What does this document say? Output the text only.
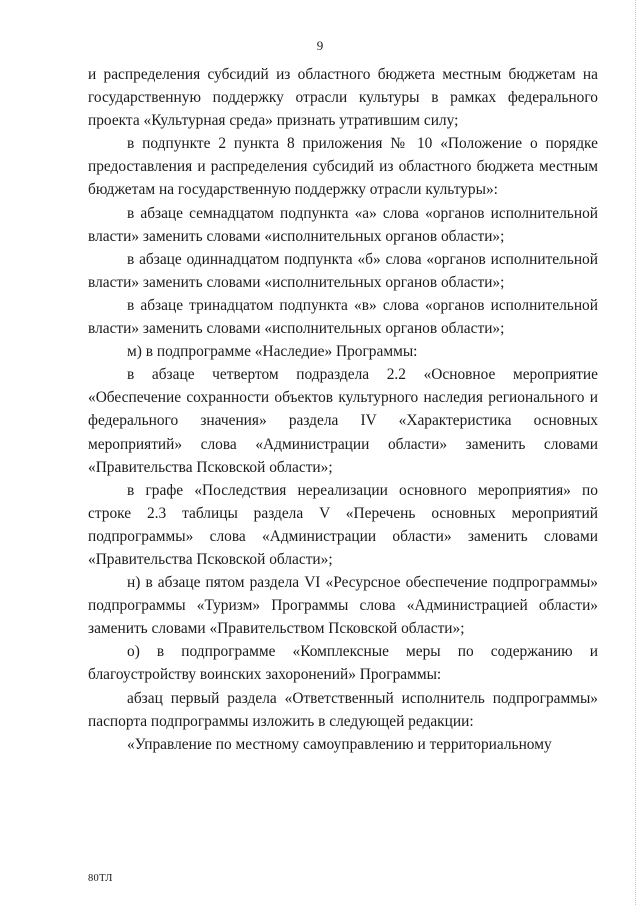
9

и распределения субсидий из областного бюджета местным бюджетам на государственную поддержку отрасли культуры в рамках федерального проекта «Культурная среда» признать утратившим силу;

в подпункте 2 пункта 8 приложения № 10 «Положение о порядке предоставления и распределения субсидий из областного бюджета местным бюджетам на государственную поддержку отрасли культуры»:

в абзаце семнадцатом подпункта «а» слова «органов исполнительной власти» заменить словами «исполнительных органов области»;

в абзаце одиннадцатом подпункта «б» слова «органов исполнительной власти» заменить словами «исполнительных органов области»;

в абзаце тринадцатом подпункта «в» слова «органов исполнительной власти» заменить словами «исполнительных органов области»;

м) в подпрограмме «Наследие» Программы:

в абзаце четвертом подраздела 2.2 «Основное мероприятие «Обеспечение сохранности объектов культурного наследия регионального и федерального значения» раздела IV «Характеристика основных мероприятий» слова «Администрации области» заменить словами «Правительства Псковской области»;

в графе «Последствия нереализации основного мероприятия» по строке 2.3 таблицы раздела V «Перечень основных мероприятий подпрограммы» слова «Администрации области» заменить словами «Правительства Псковской области»;

н) в абзаце пятом раздела VI «Ресурсное обеспечение подпрограммы» подпрограммы «Туризм» Программы слова «Администрацией области» заменить словами «Правительством Псковской области»;

о) в подпрограмме «Комплексные меры по содержанию и благоустройству воинских захоронений» Программы:

абзац первый раздела «Ответственный исполнитель подпрограммы» паспорта подпрограммы изложить в следующей редакции:

«Управление по местному самоуправлению и территориальному

80ТЛ
